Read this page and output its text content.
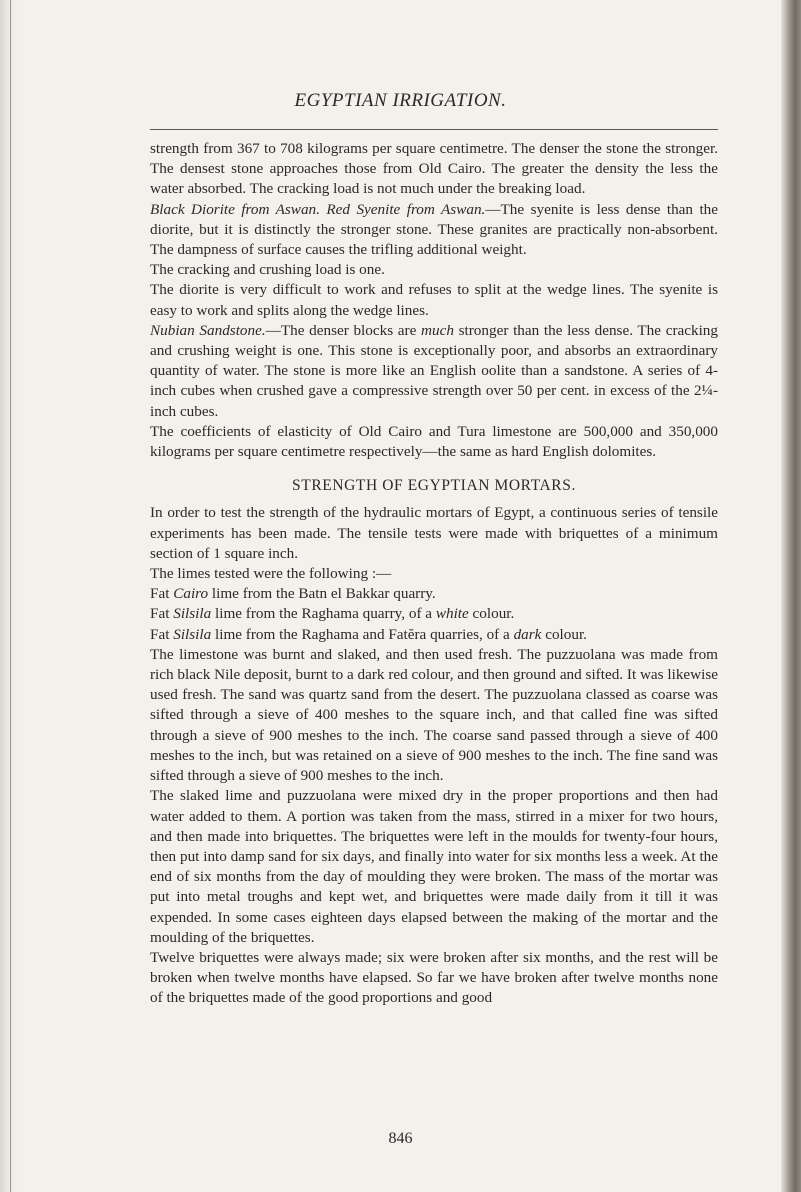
EGYPTIAN IRRIGATION.

strength from 367 to 708 kilograms per square centimetre. The denser the stone the stronger. The densest stone approaches those from Old Cairo. The greater the density the less the water absorbed. The cracking load is not much under the breaking load.

Black Diorite from Aswan. Red Syenite from Aswan.—The syenite is less dense than the diorite, but it is distinctly the stronger stone. These granites are practically non-absorbent. The dampness of surface causes the trifling additional weight.

The cracking and crushing load is one.

The diorite is very difficult to work and refuses to split at the wedge lines. The syenite is easy to work and splits along the wedge lines.

Nubian Sandstone.—The denser blocks are much stronger than the less dense. The cracking and crushing weight is one. This stone is exceptionally poor, and absorbs an extraordinary quantity of water. The stone is more like an English oolite than a sandstone. A series of 4-inch cubes when crushed gave a compressive strength over 50 per cent. in excess of the 2¼-inch cubes.

The coefficients of elasticity of Old Cairo and Tura limestone are 500,000 and 350,000 kilograms per square centimetre respectively—the same as hard English dolomites.

STRENGTH OF EGYPTIAN MORTARS.

In order to test the strength of the hydraulic mortars of Egypt, a continuous series of tensile experiments has been made. The tensile tests were made with briquettes of a minimum section of 1 square inch.

The limes tested were the following :—

Fat Cairo lime from the Batn el Bakkar quarry.

Fat Silsila lime from the Raghama quarry, of a white colour.

Fat Silsila lime from the Raghama and Fatĕra quarries, of a dark colour.

The limestone was burnt and slaked, and then used fresh. The puzzuolana was made from rich black Nile deposit, burnt to a dark red colour, and then ground and sifted. It was likewise used fresh. The sand was quartz sand from the desert. The puzzuolana classed as coarse was sifted through a sieve of 400 meshes to the square inch, and that called fine was sifted through a sieve of 900 meshes to the inch. The coarse sand passed through a sieve of 400 meshes to the inch, but was retained on a sieve of 900 meshes to the inch. The fine sand was sifted through a sieve of 900 meshes to the inch.

The slaked lime and puzzuolana were mixed dry in the proper proportions and then had water added to them. A portion was taken from the mass, stirred in a mixer for two hours, and then made into briquettes. The briquettes were left in the moulds for twenty-four hours, then put into damp sand for six days, and finally into water for six months less a week. At the end of six months from the day of moulding they were broken. The mass of the mortar was put into metal troughs and kept wet, and briquettes were made daily from it till it was expended. In some cases eighteen days elapsed between the making of the mortar and the moulding of the briquettes.

Twelve briquettes were always made; six were broken after six months, and the rest will be broken when twelve months have elapsed. So far we have broken after twelve months none of the briquettes made of the good proportions and good

846
